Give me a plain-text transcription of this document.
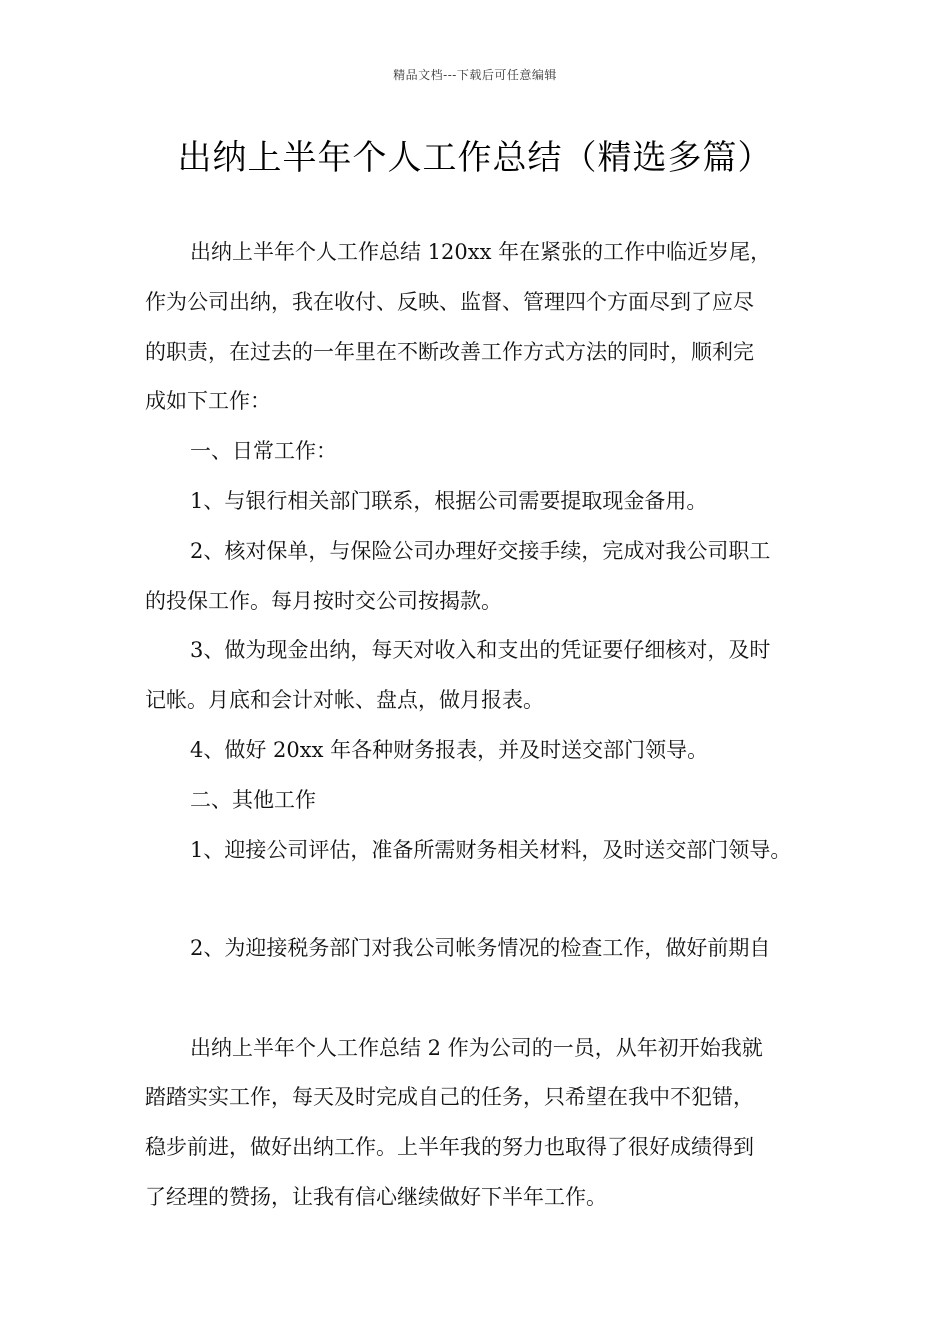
精品文档---下载后可任意编辑
出纳上半年个人工作总结（精选多篇）
出纳上半年个人工作总结 120xx 年在紧张的工作中临近岁尾，
作为公司出纳，我在收付、反映、监督、管理四个方面尽到了应尽
的职责，在过去的一年里在不断改善工作方式方法的同时，顺利完
成如下工作：
一、日常工作：
1、与银行相关部门联系，根据公司需要提取现金备用。
2、核对保单，与保险公司办理好交接手续，完成对我公司职工
的投保工作。每月按时交公司按揭款。
3、做为现金出纳，每天对收入和支出的凭证要仔细核对，及时
记帐。月底和会计对帐、盘点，做月报表。
4、做好 20xx 年各种财务报表，并及时送交部门领导。
二、其他工作
1、迎接公司评估，准备所需财务相关材料，及时送交部门领导。
2、为迎接税务部门对我公司帐务情况的检查工作，做好前期自
出纳上半年个人工作总结 2 作为公司的一员，从年初开始我就
踏踏实实工作，每天及时完成自己的任务，只希望在我中不犯错，
稳步前进，做好出纳工作。上半年我的努力也取得了很好成绩得到
了经理的赞扬，让我有信心继续做好下半年工作。
